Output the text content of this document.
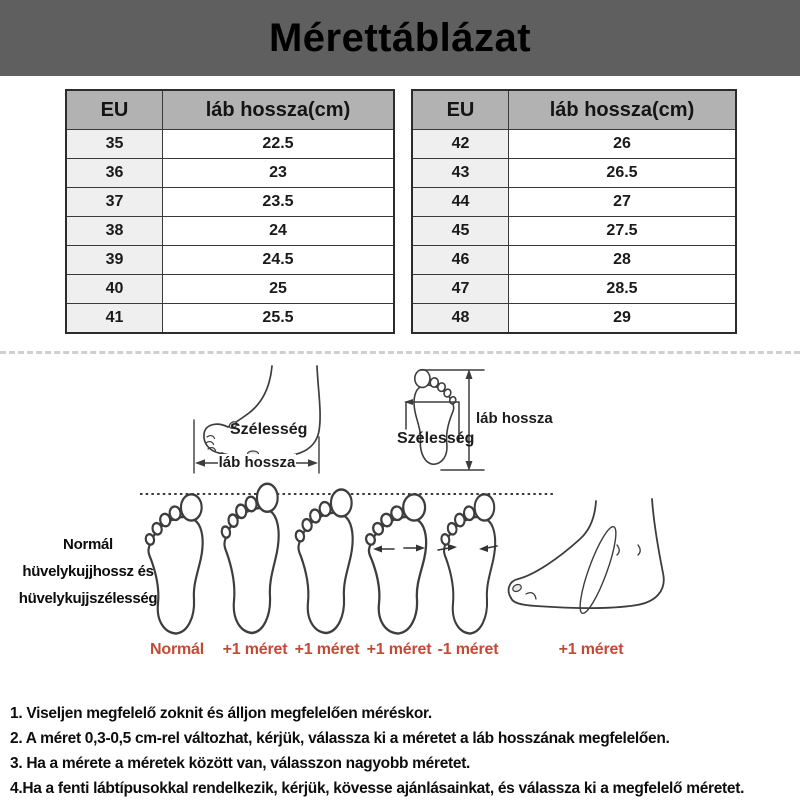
Mérettáblázat
EU	láb hossza(cm)
35	22.5
36	23
37	23.5
38	24
39	24.5
40	25
41	25.5
EU	láb hossza(cm)
42	26
43	26.5
44	27
45	27.5
46	28
47	28.5
48	29
Szélesség
láb hossza
Szélesség
láb hossza
Normál
hüvelykujjhossz és
hüvelykujjszélesség
Normál	+1 méret +1 méret +1 méret -1 méret	+1 méret

1. Viseljen megfelelő zoknit és álljon megfelelően méréskor.

2. A méret 0,3-0,5 cm-rel változhat, kérjük, válassza ki a méretet a láb hosszának megfelelően.

3. Ha a mérete a méretek között van, válasszon nagyobb méretet.

4.Ha a fenti lábtípusokkal rendelkezik, kérjük, kövesse ajánlásainkat, és válassza ki a megfelelő méretet.
